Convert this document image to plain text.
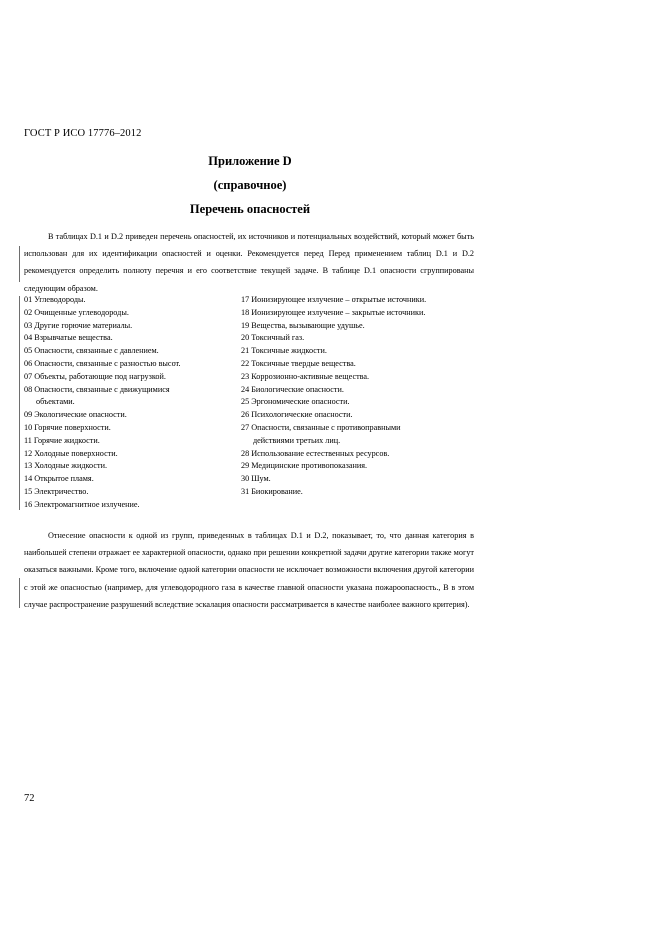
ГОСТ Р ИСО 17776–2012
Приложение D
(справочное)
Перечень опасностей
В таблицах D.1 и D.2 приведен перечень опасностей, их источников и потенциальных воздействий, который может быть использован для их идентификации опасностей и оценки. Рекомендуется перед Перед применением таблиц D.1 и D.2 рекомендуется определить полноту перечня и его соответствие текущей задаче. В таблице D.1 опасности сгруппированы следующим образом.
01 Углеводороды.
02 Очищенные углеводороды.
03 Другие горючие материалы.
04 Взрывчатые вещества.
05 Опасности, связанные с давлением.
06 Опасности, связанные с разностью высот.
07 Объекты, работающие под нагрузкой.
08 Опасности, связанные с движущимися
объектами.
09 Экологические опасности.
10 Горячие поверхности.
11 Горячие жидкости.
12 Холодные поверхности.
13 Холодные жидкости.
14 Открытое пламя.
15 Электричество.
16 Электромагнитное излучение.
17 Ионизирующее излучение – открытые источники.
18 Ионизирующее излучение – закрытые источники.
19 Вещества, вызывающие удушье.
20 Токсичный газ.
21 Токсичные жидкости.
22 Токсичные твердые вещества.
23 Коррозионно-активные вещества.
24 Биологические опасности.
25 Эргономические опасности.
26 Психологические опасности.
27 Опасности, связанные с противоправными
действиями третьих лиц.
28 Использование естественных ресурсов.
29 Медицинские противопоказания.
30 Шум.
31 Биокирование.
Отнесение опасности к одной из групп, приведенных в таблицах D.1 и D.2, показывает, то, что данная категория в наибольшей степени отражает ее характерной опасности, однако при решении конкретной задачи другие категории также могут оказаться важными. Кроме того, включение одной категории опасности не исключает возможности включения другой категории с этой же опасностью (например, для углеводородного газа в качестве главной опасности указана пожароопасность., В в этом случае распространение разрушений вследствие эскалация опасности рассматривается в качестве наиболее важного критерия).
72
